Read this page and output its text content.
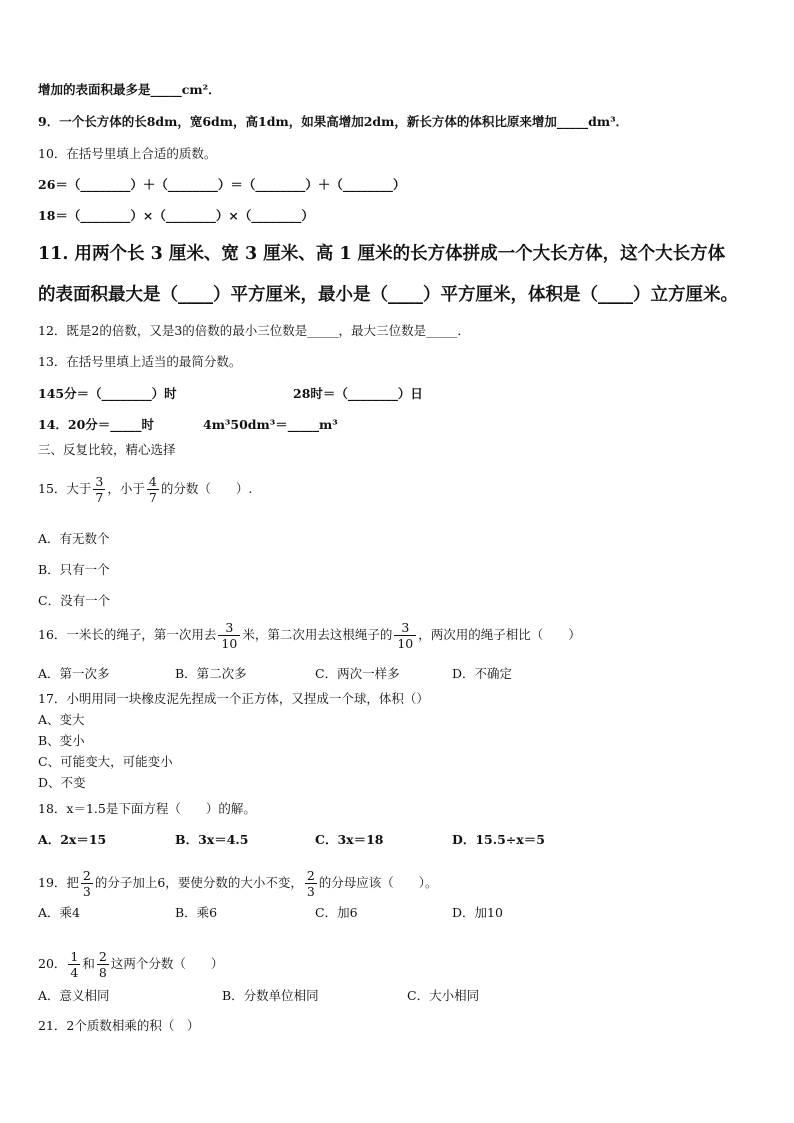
增加的表面积最多是_____cm²．
9．一个长方体的长8dm，宽6dm，高1dm，如果高增加2dm，新长方体的体积比原来增加_____dm³．
10．在括号里填上合适的质数。
26＝（________）＋（________）＝（________）＋（________）
18＝（________）×（________）×（________）
11. 用两个长 3 厘米、宽 3 厘米、高 1 厘米的长方体拼成一个大长方体，这个大长方体
的表面积最大是（____）平方厘米，最小是（____）平方厘米，体积是（____）立方厘米。
12．既是2的倍数，又是3的倍数的最小三位数是_____，最大三位数是_____．
13．在括号里填上适当的最简分数。
145分＝（________）时	28时＝（________）日
14．20分＝_____时	4m³50dm³＝_____m³
三、反复比较，精心选择
15．大于 $\frac{3}{7}$ ，小于 $\frac{4}{7}$ 的分数（　　）.
A．有无数个
B．只有一个
C．没有一个
16．一米长的绳子，第一次用去 $\frac{3}{10}$ 米，第二次用去这根绳子的 $\frac{3}{10}$ ，两次用的绳子相比（　　）
A．第一次多	B．第二次多	C．两次一样多	D．不确定
17．小明用同一块橡皮泥先捏成一个正方体，又捏成一个球，体积（）
A、变大
B、变小
C、可能变大，可能变小
D、不变
18．x＝1.5是下面方程（　　）的解。
A．2x＝15	B．3x＝4.5	C．3x＝18	D．15.5÷x＝5
19．把 $\frac{2}{3}$ 的分子加上6，要使分数的大小不变， $\frac{2}{3}$ 的分母应该（　　）。
A．乘4	B．乘6	C．加6	D．加10
20． $\frac{1}{4}$ 和 $\frac{2}{8}$ 这两个分数（　　）
A．意义相同	B．分数单位相同	C．大小相同
21．2个质数相乘的积（　）
